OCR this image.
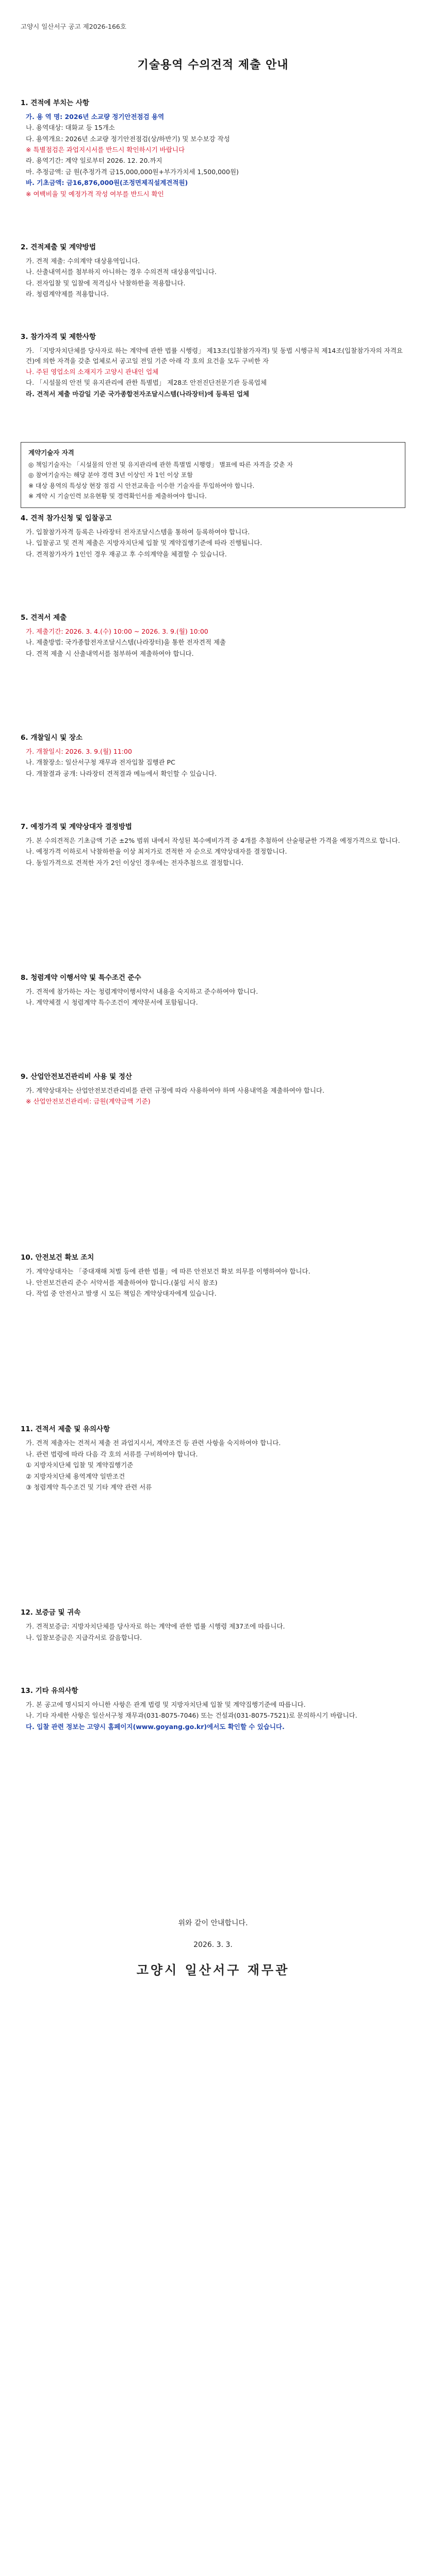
고양시 일산서구 공고 제2026-166호
기술용역 수의견적 제출 안내
1. 견적에 부치는 사항
가. 용 역 명: 2026년 소교량 정기안전점검 용역
나. 용역대상: 대화교 등 15개소
다. 용역개요: 2026년 소교량 정기안전점검(상/하반기) 및 보수보강 작성
※ 특별점검은 과업지시서를 반드시 확인하시기 바랍니다
라. 용역기간: 계약 일로부터 2026. 12. 20.까지
마. 추정금액: 금 원(추정가격 금15,000,000원+부가가치세 1,500,000원)
바. 기초금액: 금16,876,000원(조정면제직설계견적원)
※ 여백비율 및 예정가격 작성 여부를 반드시 확인
2. 견적제출 및 계약방법
가. 견적 제출: 수의계약 대상용역입니다.
나. 산출내역서를 첨부하지 아니하는 경우 수의견적 대상용역입니다.
다. 전자입찰 및 입찰에 적격심사 낙찰하한율 적용합니다.
라. 청렴계약제를 적용합니다.
3. 참가자격 및 제한사항
가. 「지방자치단체를 당사자로 하는 계약에 관한 법률 시행령」 제13조(입찰참가자격) 및 동법 시행규칙 제14조(입찰참가자의 자격요건)에 의한 자격을 갖춘 업체로서 공고일 전일 기준 아래 각 호의 요건을 모두 구비한 자
나. 주된 영업소의 소재지가 고양시 관내인 업체
다. 「시설물의 안전 및 유지관리에 관한 특별법」 제28조 안전진단전문기관 등록업체
라. 견적서 제출 마감일 기준 국가종합전자조달시스템(나라장터)에 등록된 업체
계약기술자 자격
◎ 책임기술자는 「시설물의 안전 및 유지관리에 관한 특별법 시행령」 별표에 따른 자격을 갖춘 자
◎ 참여기술자는 해당 분야 경력 3년 이상인 자 1인 이상 포함
※ 대상 용역의 특성상 현장 점검 시 안전교육을 이수한 기술자를 투입하여야 합니다.
※ 계약 시 기술인력 보유현황 및 경력확인서를 제출하여야 합니다.
4. 견적 참가신청 및 입찰공고
가. 입찰참가자격 등록은 나라장터 전자조달시스템을 통하여 등록하여야 합니다.
나. 입찰공고 및 견적 제출은 지방자치단체 입찰 및 계약집행기준에 따라 진행됩니다.
다. 견적참가자가 1인인 경우 재공고 후 수의계약을 체결할 수 있습니다.
5. 견적서 제출
가. 제출기간: 2026. 3. 4.(수) 10:00 ~ 2026. 3. 9.(월) 10:00
나. 제출방법: 국가종합전자조달시스템(나라장터)을 통한 전자견적 제출
다. 견적 제출 시 산출내역서를 첨부하여 제출하여야 합니다.
6. 개찰일시 및 장소
가. 개찰일시: 2026. 3. 9.(월) 11:00
나. 개찰장소: 일산서구청 재무과 전자입찰 집행관 PC
다. 개찰결과 공개: 나라장터 견적결과 메뉴에서 확인할 수 있습니다.
7. 예정가격 및 계약상대자 결정방법
가. 본 수의견적은 기초금액 기준 ±2% 범위 내에서 작성된 복수예비가격 중 4개를 추첨하여 산술평균한 가격을 예정가격으로 합니다.
나. 예정가격 이하로서 낙찰하한율 이상 최저가로 견적한 자 순으로 계약상대자를 결정합니다.
다. 동일가격으로 견적한 자가 2인 이상인 경우에는 전자추첨으로 결정합니다.
8. 청렴계약 이행서약 및 특수조건 준수
가. 견적에 참가하는 자는 청렴계약이행서약서 내용을 숙지하고 준수하여야 합니다.
나. 계약체결 시 청렴계약 특수조건이 계약문서에 포함됩니다.
9. 산업안전보건관리비 사용 및 정산
가. 계약상대자는 산업안전보건관리비를 관련 규정에 따라 사용하여야 하며 사용내역을 제출하여야 합니다.
※ 산업안전보건관리비: 금원(계약금액 기준)
10. 안전보건 확보 조치
가. 계약상대자는 「중대재해 처벌 등에 관한 법률」에 따른 안전보건 확보 의무를 이행하여야 합니다.
나. 안전보건관리 준수 서약서를 제출하여야 합니다.(붙임 서식 참조)
다. 작업 중 안전사고 발생 시 모든 책임은 계약상대자에게 있습니다.
11. 견적서 제출 및 유의사항
가. 견적 제출자는 견적서 제출 전 과업지시서, 계약조건 등 관련 사항을 숙지하여야 합니다.
나. 관련 법령에 따라 다음 각 호의 서류를 구비하여야 합니다.
① 지방자치단체 입찰 및 계약집행기준
② 지방자치단체 용역계약 일반조건
③ 청렴계약 특수조건 및 기타 계약 관련 서류
12. 보증금 및 귀속
가. 견적보증금: 지방자치단체를 당사자로 하는 계약에 관한 법률 시행령 제37조에 따릅니다.
나. 입찰보증금은 지급각서로 갈음합니다.
13. 기타 유의사항
가. 본 공고에 명시되지 아니한 사항은 관계 법령 및 지방자치단체 입찰 및 계약집행기준에 따릅니다.
나. 기타 자세한 사항은 일산서구청 재무과(031-8075-7046) 또는 건설과(031-8075-7521)로 문의하시기 바랍니다.
다. 입찰 관련 정보는 고양시 홈페이지(www.goyang.go.kr)에서도 확인할 수 있습니다.
위와 같이 안내합니다.
2026. 3. 3.
고양시 일산서구 재무관
